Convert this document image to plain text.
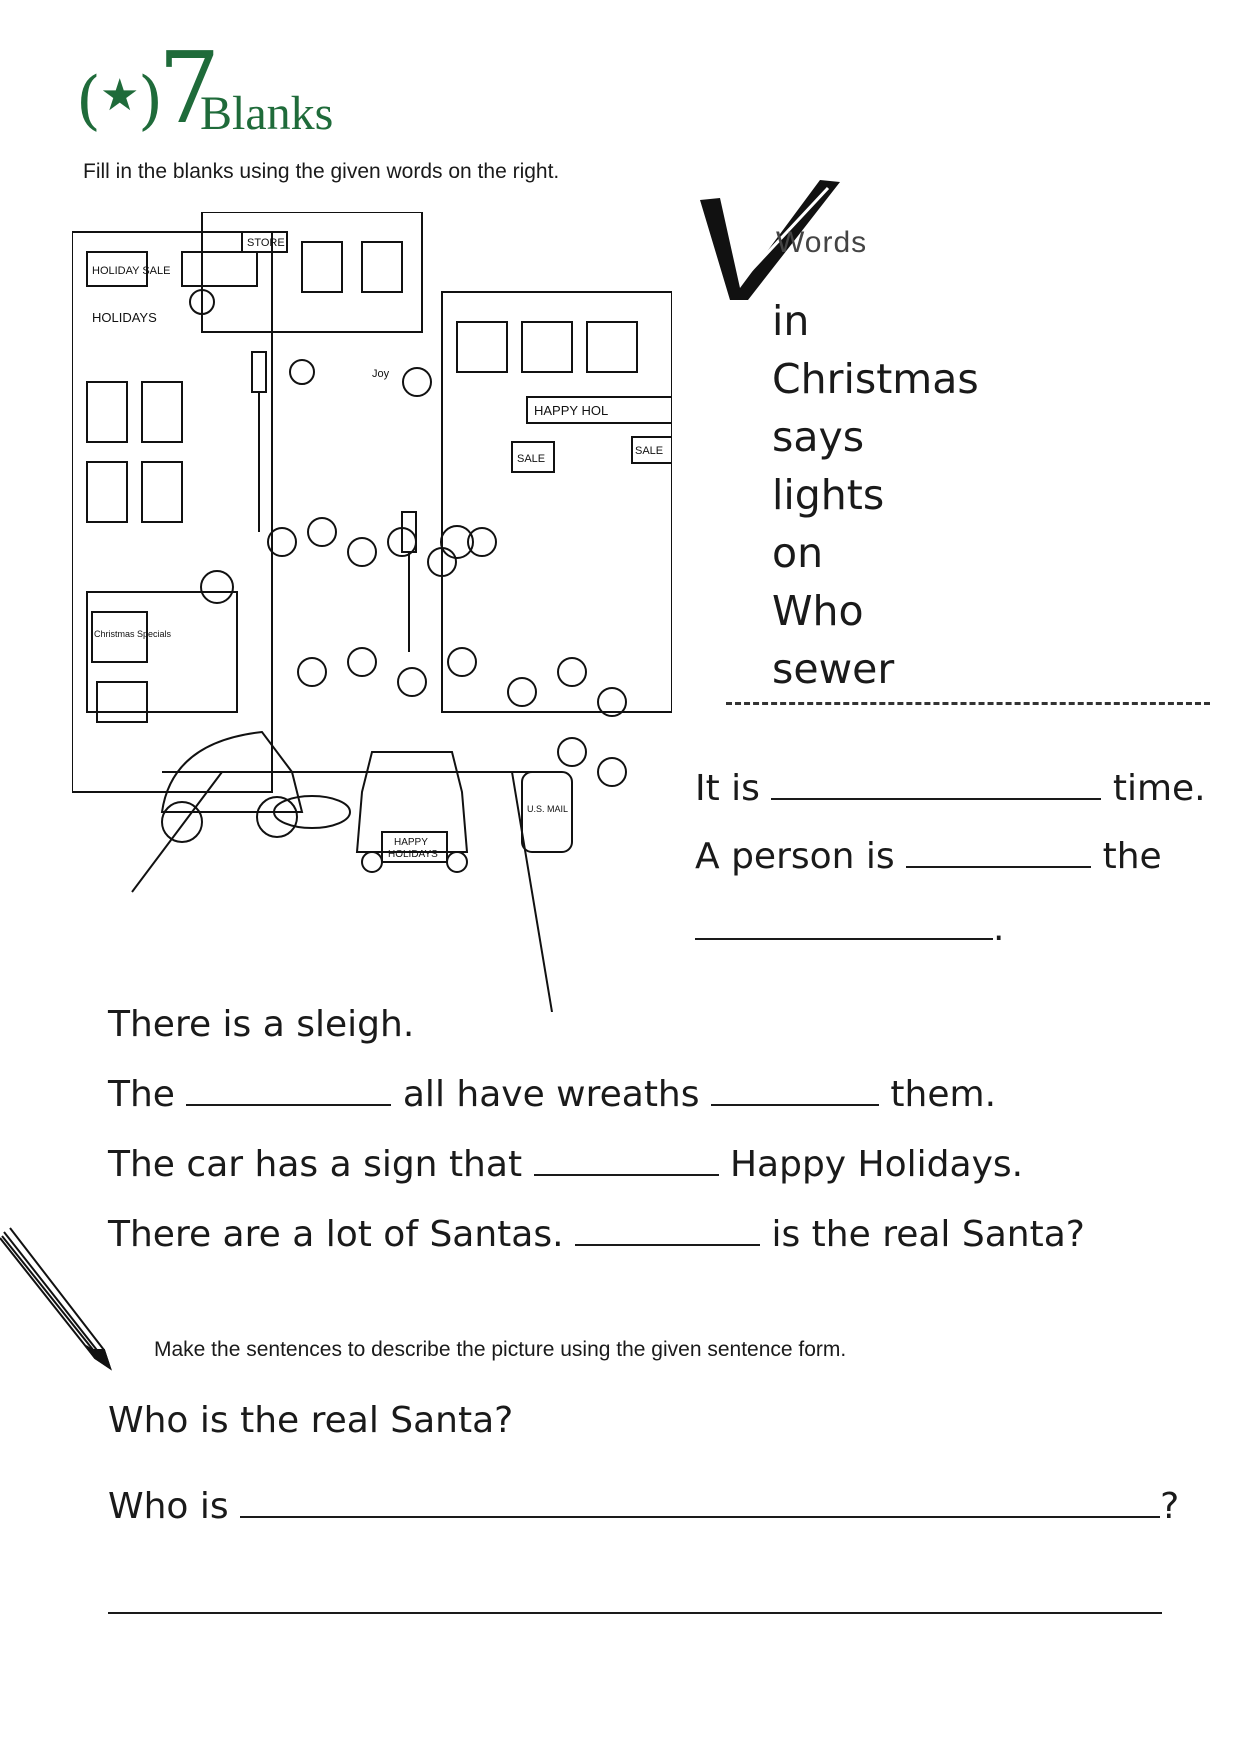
( ★
)
7
Blanks
Fill in the blanks using the given words on the right.
HOLIDAY SALE
STORE
HOLIDAYS
HAPPY HOL
SALE
SALE
Christmas Specials
Joy
U.S. MAIL
HAPPY
HOLIDAYS
Words
in
Christmas
says
lights
on
Who
sewer
It is	time.
A person is	the
.
There is a sleigh.
The	all have wreaths	them.
The car has a sign that	Happy Holidays.
There are a lot of Santas.	is the real Santa?
Make the sentences to describe the picture using the given sentence form.
Who is the real Santa?
Who is	?
